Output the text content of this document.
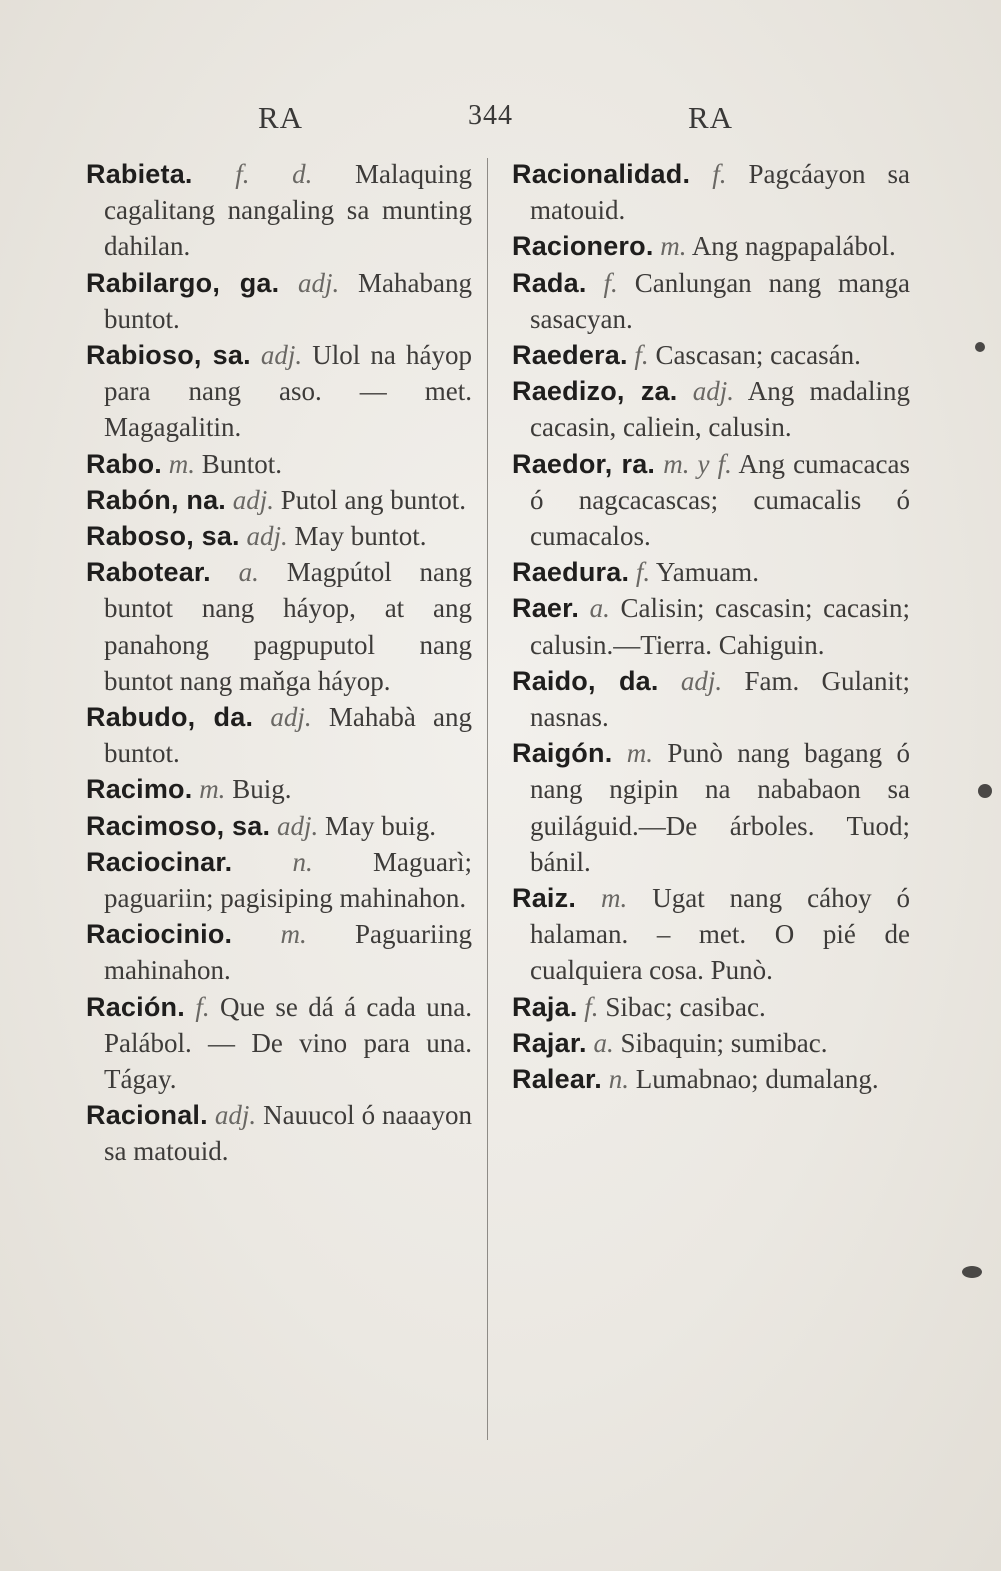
RA	344	RA

Rabieta. f. d. Malaquing cagalitang nangaling sa munting dahilan.

Rabilargo, ga. adj. Mahabang buntot.

Rabioso, sa. adj. Ulol na háyop para nang aso. — met. Magagalitin.

Rabo. m. Buntot.

Rabón, na. adj. Putol ang buntot.

Raboso, sa. adj. May buntot.

Rabotear. a. Magpútol nang buntot nang háyop, at ang panahong pagpuputol nang buntot nang maňga háyop.

Rabudo, da. adj. Mahabà ang buntot.

Racimo. m. Buig.

Racimoso, sa. adj. May buig.

Raciocinar. n. Maguarì; paguariin; pagisiping mahinahon.

Raciocinio. m. Paguariing mahinahon.

Ración. f. Que se dá á cada una. Palábol. — De vino para una. Tágay.

Racional. adj. Nauucol ó naaayon sa matouid.

Racionalidad. f. Pagcáayon sa matouid.

Racionero. m. Ang nagpapalábol.

Rada. f. Canlungan nang manga sasacyan.

Raedera. f. Cascasan; cacasán.

Raedizo, za. adj. Ang madaling cacasin, caliein, calusin.

Raedor, ra. m. y f. Ang cumacacas ó nagcacascas; cumacalis ó cumacalos.

Raedura. f. Yamuam.

Raer. a. Calisin; cascasin; cacasin; calusin.—Tierra. Cahiguin.

Raido, da. adj. Fam. Gulanit; nasnas.

Raigón. m. Punò nang bagang ó nang ngipin na nababaon sa guiláguid.—De árboles. Tuod; bánil.

Raiz. m. Ugat nang cáhoy ó halaman. – met. O pié de cualquiera cosa. Punò.

Raja. f. Sibac; casibac.

Rajar. a. Sibaquin; sumibac.

Ralear. n. Lumabnao; dumalang.
